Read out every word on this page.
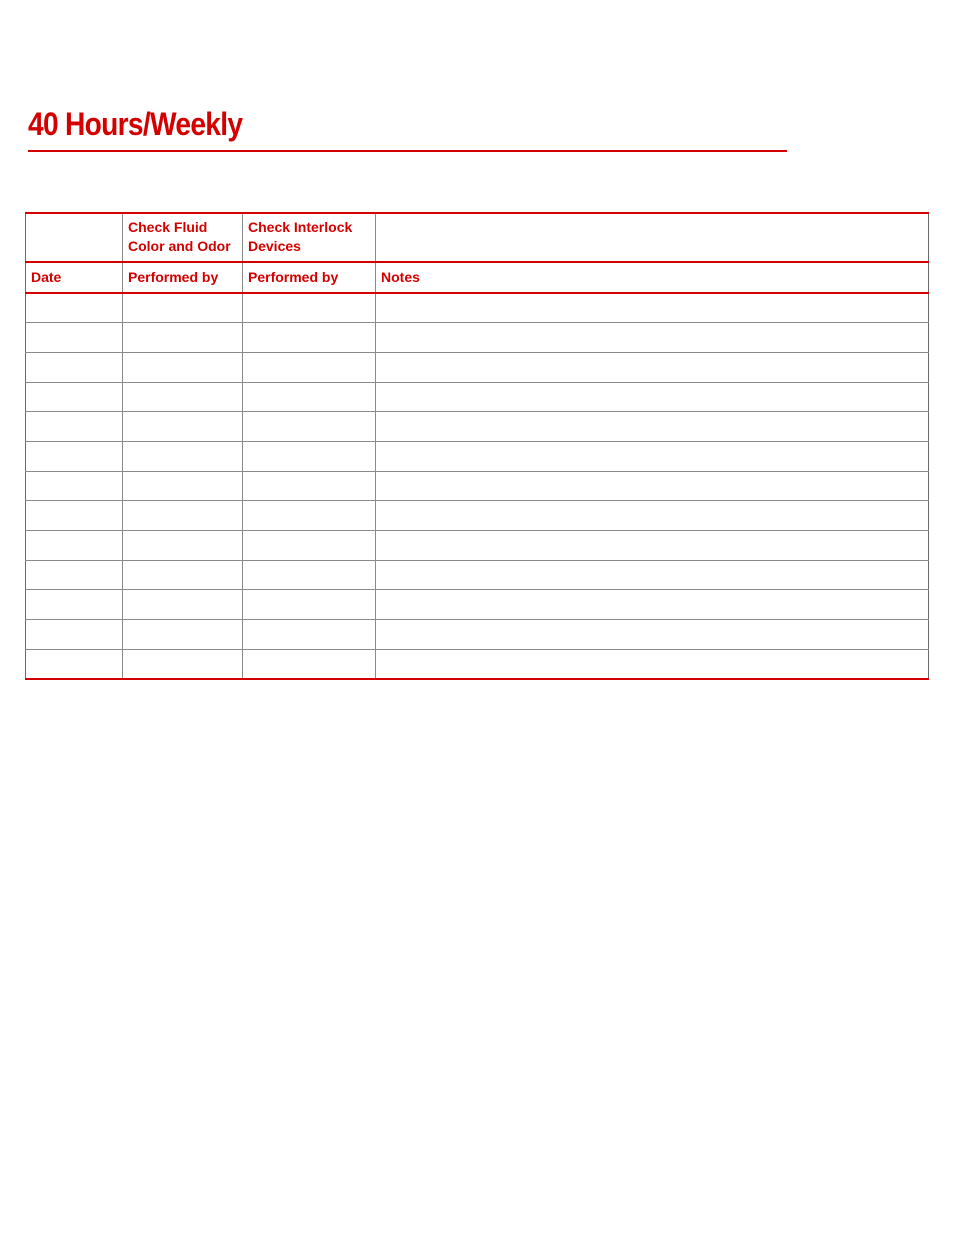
40 Hours/Weekly
	Check Fluid Color and Odor	Check Interlock Devices	
Date	Performed by	Performed by	Notes
